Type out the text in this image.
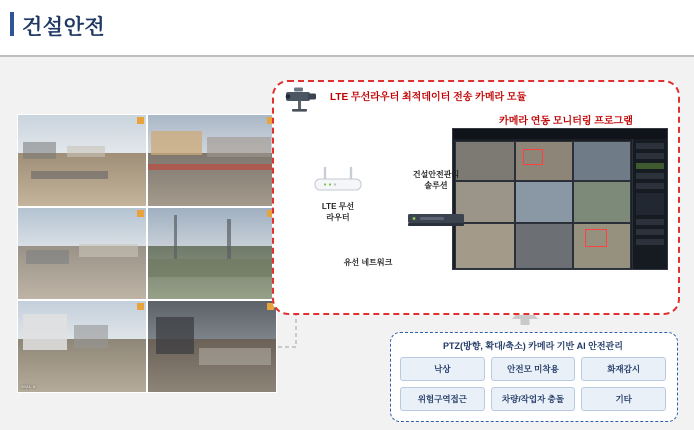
건설안전
2024-0
LTE 무선라우터 최적데이터 전송 카메라 모듈
카메라 연동 모니터링 프로그램
LTE 무선
라우터
건설안전관리
솔루션
유선 네트워크
PTZ(방향, 확대/축소) 카메라 기반 AI 안전관리
낙상	안전모 미착용	화재감시
위험구역접근	차량/작업자 충돌	기타
